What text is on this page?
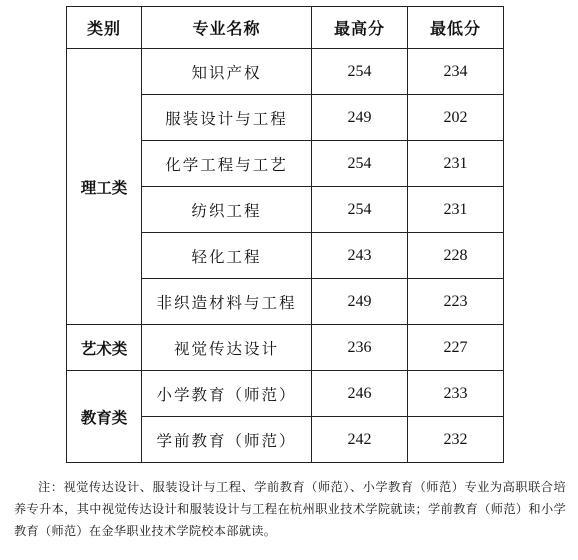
类别	专业名称	最高分	最低分
理工类	知识产权	254	234
	服装设计与工程	249	202
	化学工程与工艺	254	231
	纺织工程	254	231
	轻化工程	243	228
	非织造材料与工程	249	223
艺术类	视觉传达设计	236	227
教育类	小学教育（师范）	246	233
	学前教育（师范）	242	232

注：视觉传达设计、服装设计与工程、学前教育（师范）、小学教育（师范）专业为高职联合培养专升本，其中视觉传达设计和服装设计与工程在杭州职业技术学院就读；学前教育（师范）和小学教育（师范）在金华职业技术学院校本部就读。
